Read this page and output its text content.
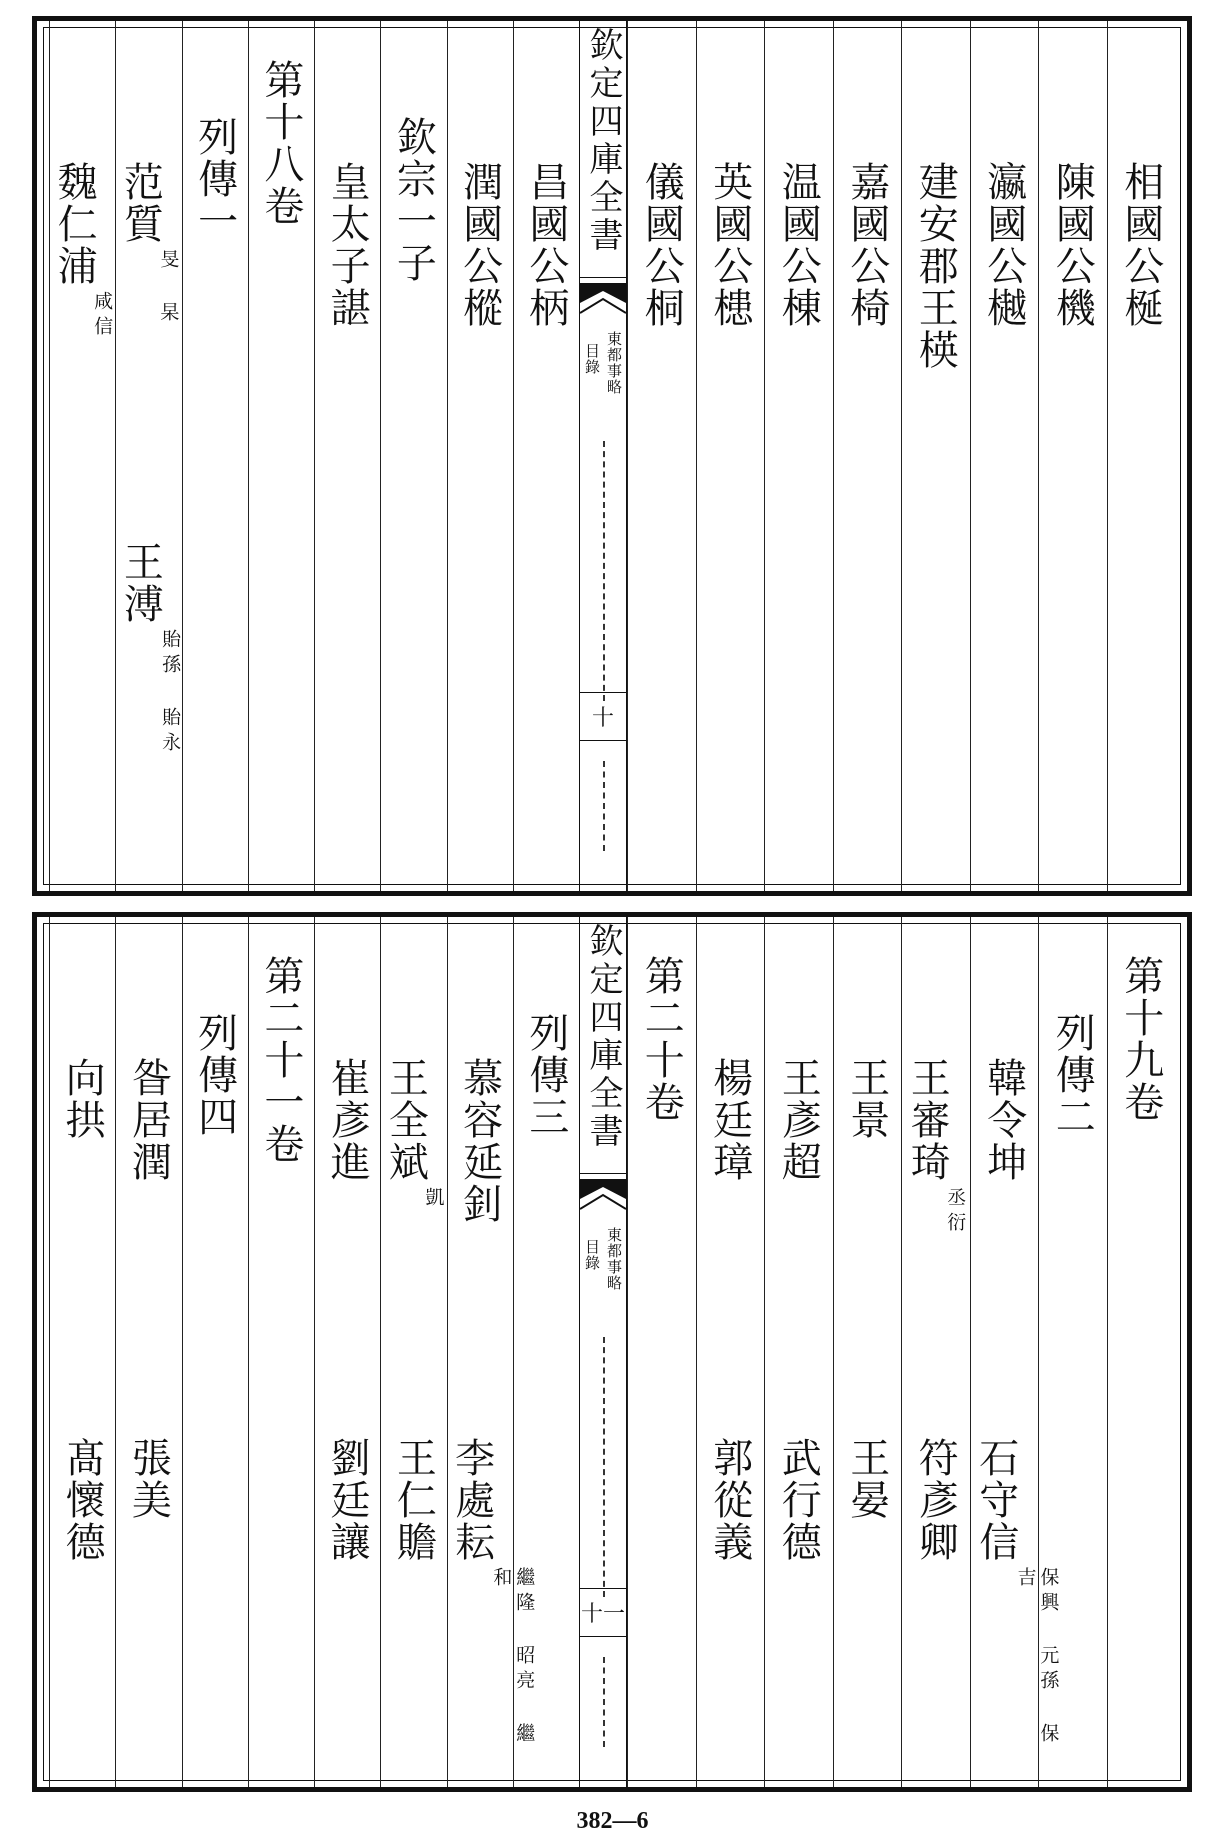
欽定四庫全書
東都事略
目錄
十
相國公梴
陳國公機
瀛國公樾
建安郡王楧
嘉國公椅
温國公棟
英國公槵
儀國公桐
昌國公柄
潤國公樅
欽宗一子
皇太子諶
第十八卷
列傳一
范質
旻 杲
王溥
貽孫 貽永
魏仁浦
咸信
欽定四庫全書
東都事略
目錄
十一
第十九卷
列傳二
韓令坤
石守信
保興 元孫 保吉
王審琦
丞衍
符彥卿
王景
王晏
王彥超
武行德
楊廷璋
郭從義
第二十卷
列傳三
慕容延釗
李處耘
繼隆 昭亮 繼和
王全斌
凱
王仁贍
崔彥進
劉廷讓
第二十一卷
列傳四
昝居潤
張美
向拱
髙懷德
382—6
